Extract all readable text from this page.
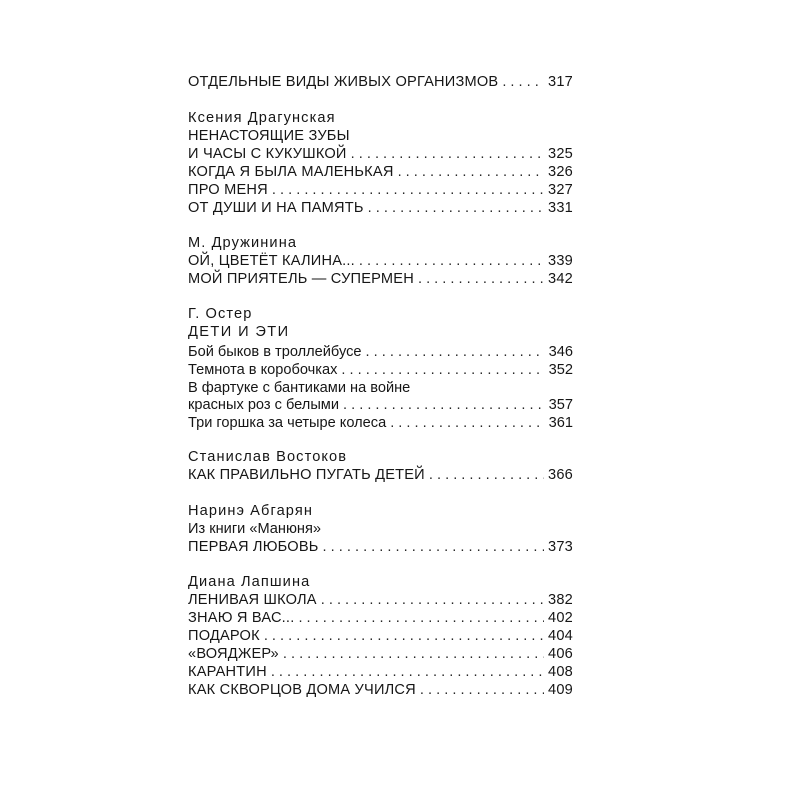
ОТДЕЛЬНЫЕ ВИДЫ ЖИВЫХ ОРГАНИЗМОВ . . .	317
Ксения Драгунская
НЕНАСТОЯЩИЕ ЗУБЫ
И ЧАСЫ С КУКУШКОЙ . . .	325
КОГДА Я БЫЛА МАЛЕНЬКАЯ . . .	326
ПРО МЕНЯ . . .	327
ОТ ДУШИ И НА ПАМЯТЬ . . .	331
М. Дружинина
ОЙ, ЦВЕТЁТ КАЛИНА... . . .	339
МОЙ ПРИЯТЕЛЬ — СУПЕРМЕН . . .	342
Г. Остер
ДЕТИ И ЭТИ
Бой быков в троллейбусе . . .	346
Темнота в коробочках . . .	352
В фартуке с бантиками на войне
красных роз с белыми . . .	357
Три горшка за четыре колеса . . .	361
Станислав Востоков
КАК ПРАВИЛЬНО ПУГАТЬ ДЕТЕЙ . . .	366
Наринэ Абгарян
Из книги «Манюня»
ПЕРВАЯ ЛЮБОВЬ . . .	373
Диана Лапшина
ЛЕНИВАЯ ШКОЛА . . .	382
ЗНАЮ Я ВАС... . . .	402
ПОДАРОК . . .	404
«ВОЯДЖЕР» . . .	406
КАРАНТИН . . .	408
КАК СКВОРЦОВ ДОМА УЧИЛСЯ . . .	409
